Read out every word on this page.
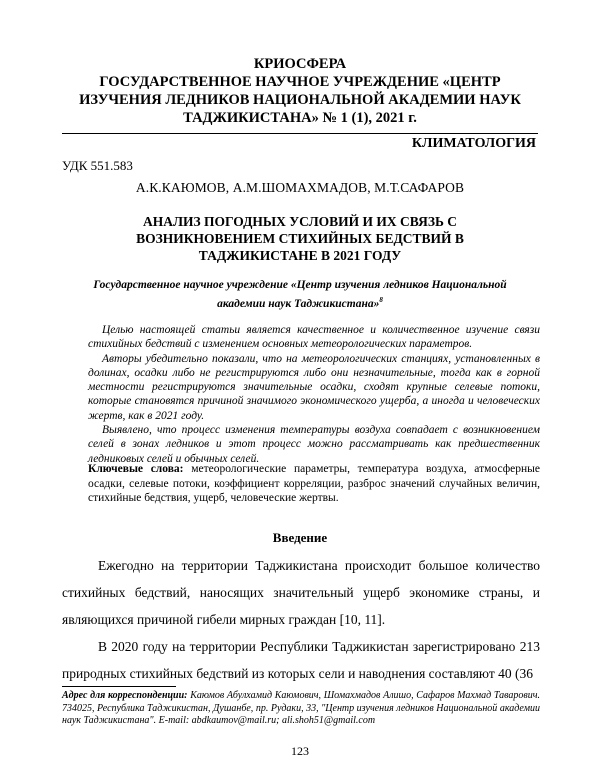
КРИОСФЕРА
ГОСУДАРСТВЕННОЕ НАУЧНОЕ УЧРЕЖДЕНИЕ «ЦЕНТР
ИЗУЧЕНИЯ ЛЕДНИКОВ НАЦИОНАЛЬНОЙ АКАДЕМИИ НАУК
ТАДЖИКИСТАНА» № 1 (1), 2021 г.
КЛИМАТОЛОГИЯ
УДК 551.583
А.К.КАЮМОВ, А.М.ШОМАХМАДОВ, М.Т.САФАРОВ
АНАЛИЗ ПОГОДНЫХ УСЛОВИЙ И ИХ СВЯЗЬ С ВОЗНИКНОВЕНИЕМ СТИХИЙНЫХ БЕДСТВИЙ В ТАДЖИКИСТАНЕ В 2021 ГОДУ
Государственное научное учреждение «Центр изучения ледников Национальной академии наук Таджикистана»$^8$

Целью настоящей статьи является качественное и количественное изучение связи стихийных бедствий с изменением основных метеорологических параметров.

Авторы убедительно показали, что на метеорологических станциях, установленных в долинах, осадки либо не регистрируются либо они незначительные, тогда как в горной местности регистрируются значительные осадки, сходят крупные селевые потоки, которые становятся причиной значимого экономического ущерба, а иногда и человеческих жертв, как в 2021 году.

Выявлено, что процесс изменения температуры воздуха совпадает с возникновением селей в зонах ледников и этот процесс можно рассматривать как предшественник ледниковых селей и обычных селей.

Ключевые слова: метеорологические параметры, температура воздуха, атмосферные осадки, селевые потоки, коэффициент корреляции, разброс значений случайных величин, стихийные бедствия, ущерб, человеческие жертвы.
Введение

Ежегодно на территории Таджикистана происходит большое количество стихийных бедствий, наносящих значительный ущерб экономике страны, и являющихся причиной гибели мирных граждан [10, 11].

В 2020 году на территории Республики Таджикистан зарегистрировано 213 природных стихийных бедствий из которых сели и наводнения составляют 40 (36

Адрес для корреспонденции: Каюмов Абулхамид Каюмович, Шомахмадов Алишо, Сафаров Махмад Таварович. 734025, Республика Таджикистан, Душанбе, пр. Рудаки, 33, "Центр изучения ледников Национальной академии наук Таджикистана". E-mail: abdkaumov@mail.ru; ali.shoh51@gmail.com
123
